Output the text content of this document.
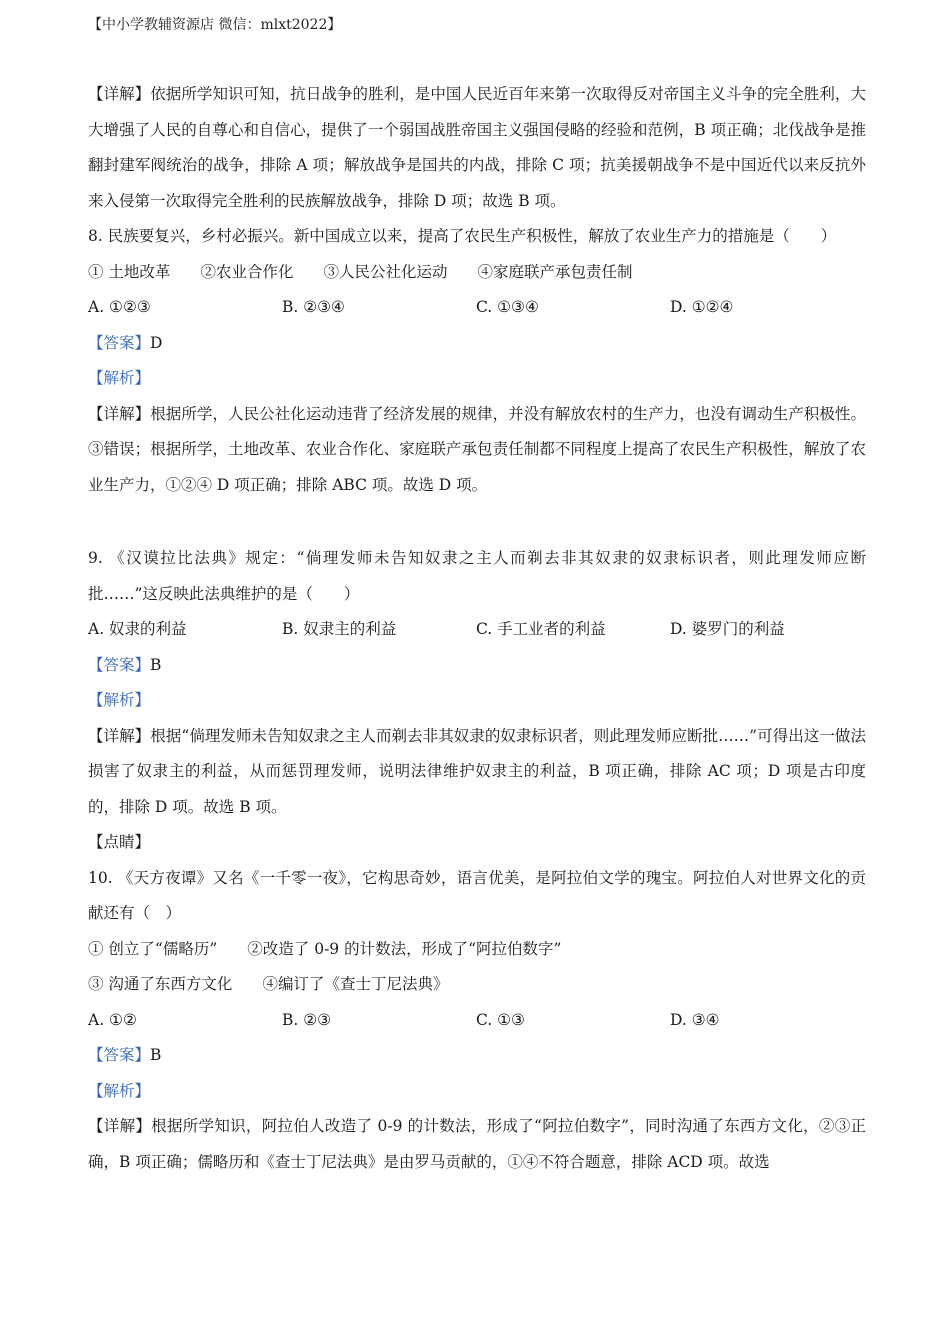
【中小学教辅资源店 微信：mlxt2022】

【详解】依据所学知识可知，抗日战争的胜利，是中国人民近百年来第一次取得反对帝国主义斗争的完全胜利，大大增强了人民的自尊心和自信心，提供了一个弱国战胜帝国主义强国侵略的经验和范例，B 项正确；北伐战争是推翻封建军阀统治的战争，排除 A 项；解放战争是国共的内战，排除 C 项；抗美援朝战争不是中国近代以来反抗外来入侵第一次取得完全胜利的民族解放战争，排除 D 项；故选 B 项。

8. 民族要复兴，乡村必振兴。新中国成立以来，提高了农民生产积极性，解放了农业生产力的措施是（　　）

① 土地改革 ②农业合作化 ③人民公社化运动 ④家庭联产承包责任制

A. ①②③	B. ②③④	C. ①③④	D. ①②④

【答案】D

【解析】

【详解】根据所学，人民公社化运动违背了经济发展的规律，并没有解放农村的生产力，也没有调动生产积极性。③错误；根据所学，土地改革、农业合作化、家庭联产承包责任制都不同程度上提高了农民生产积极性，解放了农业生产力，①②④ D 项正确；排除 ABC 项。故选 D 项。

9. 《汉谟拉比法典》规定：“倘理发师未告知奴隶之主人而剃去非其奴隶的奴隶标识者，则此理发师应断批……”这反映此法典维护的是（　　）

A. 奴隶的利益	B. 奴隶主的利益	C. 手工业者的利益	D. 婆罗门的利益

【答案】B

【解析】

【详解】根据“倘理发师未告知奴隶之主人而剃去非其奴隶的奴隶标识者，则此理发师应断批……”可得出这一做法损害了奴隶主的利益，从而惩罚理发师，说明法律维护奴隶主的利益，B 项正确，排除 AC 项；D 项是古印度的，排除 D 项。故选 B 项。

【点睛】

10. 《天方夜谭》又名《一千零一夜》，它构思奇妙，语言优美，是阿拉伯文学的瑰宝。阿拉伯人对世界文化的贡献还有（　）

① 创立了“儒略历” ②改造了 0-9 的计数法，形成了“阿拉伯数字”

③ 沟通了东西方文化 ④编订了《查士丁尼法典》

A. ①②	B. ②③	C. ①③	D. ③④

【答案】B

【解析】

【详解】根据所学知识，阿拉伯人改造了 0-9 的计数法，形成了“阿拉伯数字”，同时沟通了东西方文化，②③正确，B 项正确；儒略历和《查士丁尼法典》是由罗马贡献的，①④不符合题意，排除 ACD 项。故选
